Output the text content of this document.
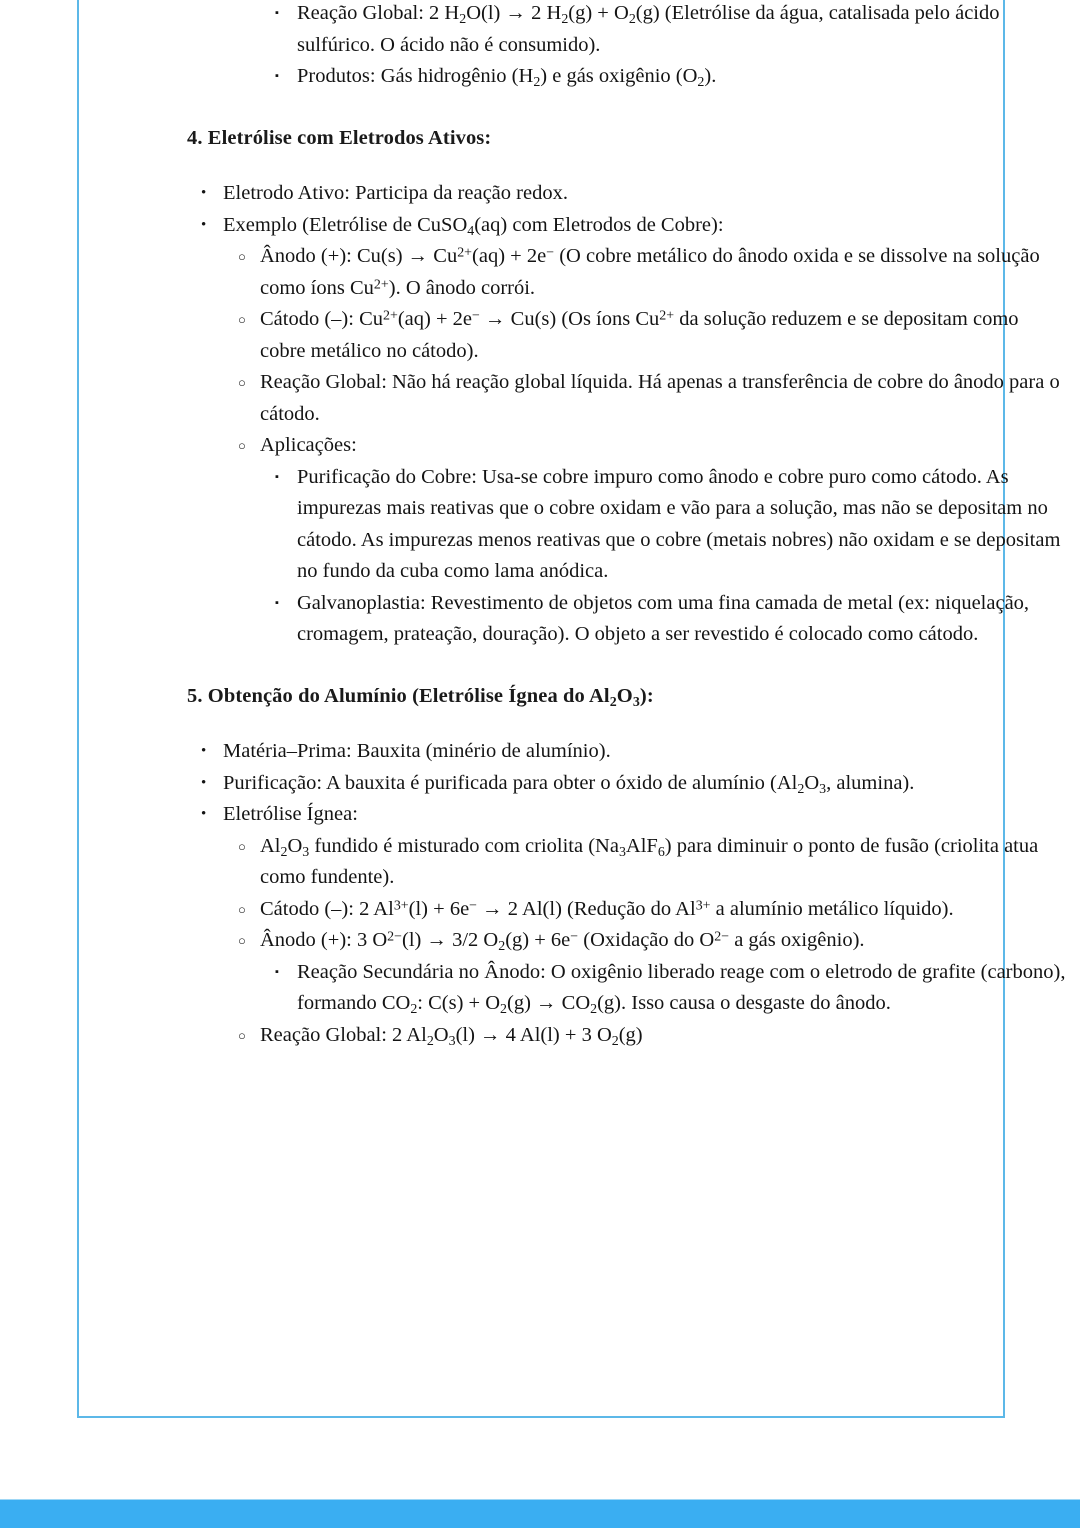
▪ Reação Global: 2 $H_2O(l) \to 2$ $H_2(g) + O_2(g)$ (Eletrólise da água, catalisada pelo ácido sulfúrico. O ácido não é consumido).
▪ Produtos: Gás hidrogênio $(H_2)$ e gás oxigênio $(O_2)$.
4. Eletrólise com Eletrodos Ativos:
• Eletrodo Ativo: Participa da reação redox.
• Exemplo (Eletrólise de CuSO$_4$(aq) com Eletrodos de Cobre):
○ Ânodo (+): $Cu(s) \to Cu^{2+}(aq) + 2e^-$ (O cobre metálico do ânodo oxida e se dissolve na solução como íons $Cu^{2+}$). O ânodo corrói.
○ Cátodo (–): $Cu^{2+}(aq) + 2e^- \to Cu(s)$ (Os íons $Cu^{2+}$ da solução reduzem e se depositam como cobre metálico no cátodo).
○ Reação Global: Não há reação global líquida. Há apenas a transferência de cobre do ânodo para o cátodo.
○ Aplicações:
▪ Purificação do Cobre: Usa-se cobre impuro como ânodo e cobre puro como cátodo. As impurezas mais reativas que o cobre oxidam e vão para a solução, mas não se depositam no cátodo. As impurezas menos reativas que o cobre (metais nobres) não oxidam e se depositam no fundo da cuba como lama anódica.
▪ Galvanoplastia: Revestimento de objetos com uma fina camada de metal (ex: niquelação, cromagem, prateação, douração). O objeto a ser revestido é colocado como cátodo.
5. Obtenção do Alumínio (Eletrólise Ígnea do $Al_2O_3$):
• Matéria–Prima: Bauxita (minério de alumínio).
• Purificação: A bauxita é purificada para obter o óxido de alumínio ($Al_2O_3$, alumina).
• Eletrólise Ígnea:
○ $Al_2O_3$ fundido é misturado com criolita $(Na_3AlF_6)$ para diminuir o ponto de fusão (criolita atua como fundente).
○ Cátodo (–): 2 $Al^{3+}(l) + 6e^- \to 2$ Al(l) (Redução do $Al^{3+}$ a alumínio metálico líquido).
○ Ânodo (+): 3 $O^{2-}(l) \to 3/2$ $O_2(g) + 6e^-$ (Oxidação do $O^{2-}$ a gás oxigênio).
▪ Reação Secundária no Ânodo: O oxigênio liberado reage com o eletrodo de grafite (carbono), formando $CO_2$: $C(s) + O_2(g) \to CO_2(g)$. Isso causa o desgaste do ânodo.
○ Reação Global: 2 $Al_2O_3(l) \to 4$ Al(l) + 3 $O_2(g)$
